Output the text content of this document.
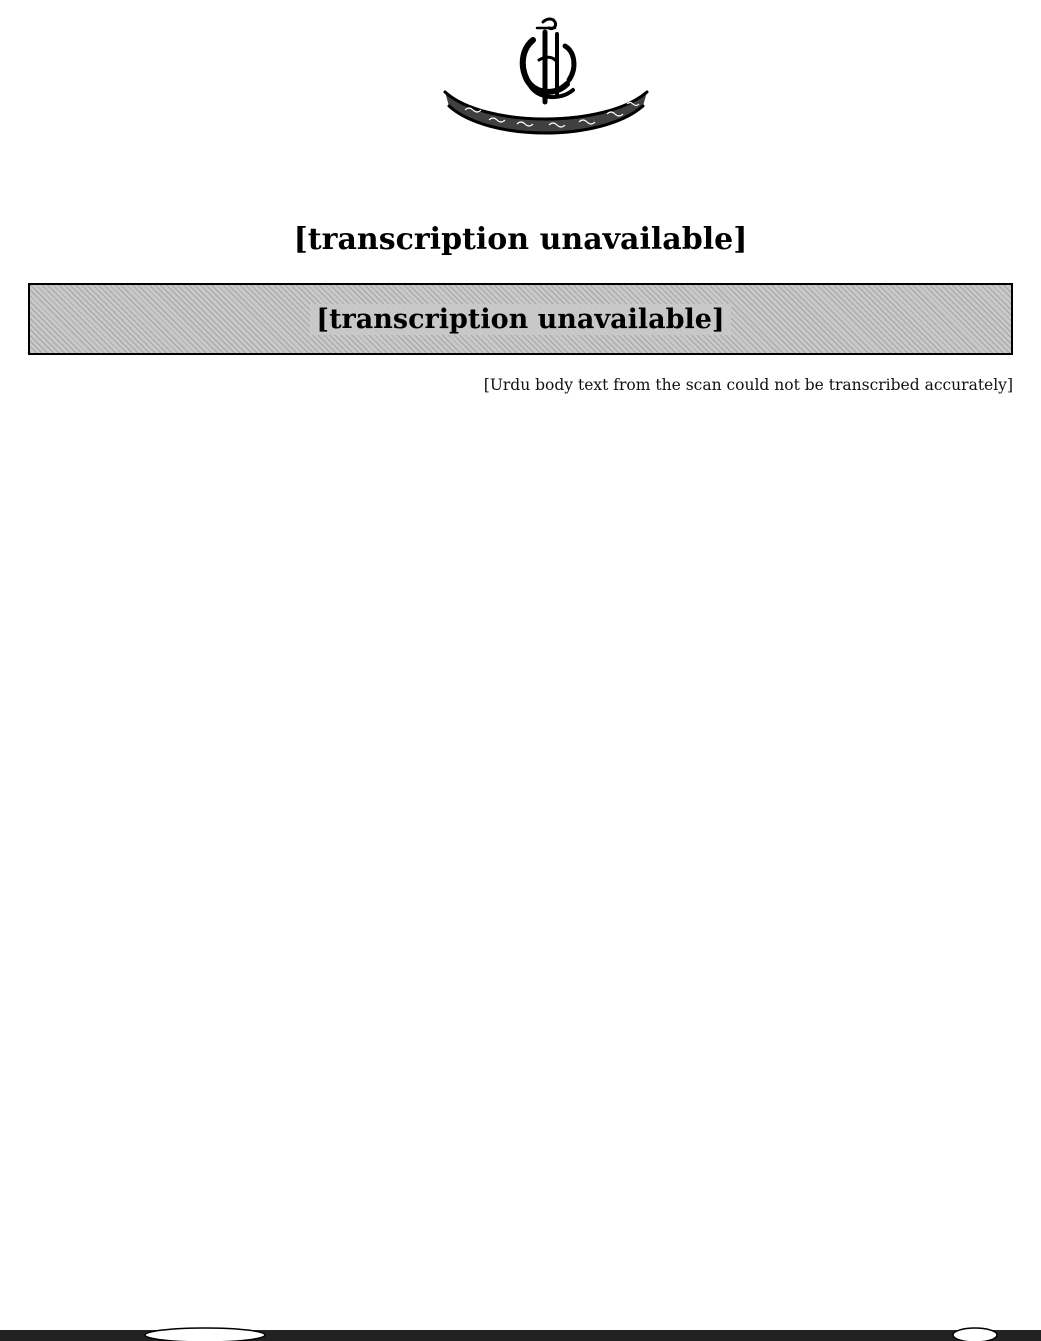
[transcription unavailable]
[transcription unavailable]

[Urdu body text from the scan could not be transcribed accurately]
